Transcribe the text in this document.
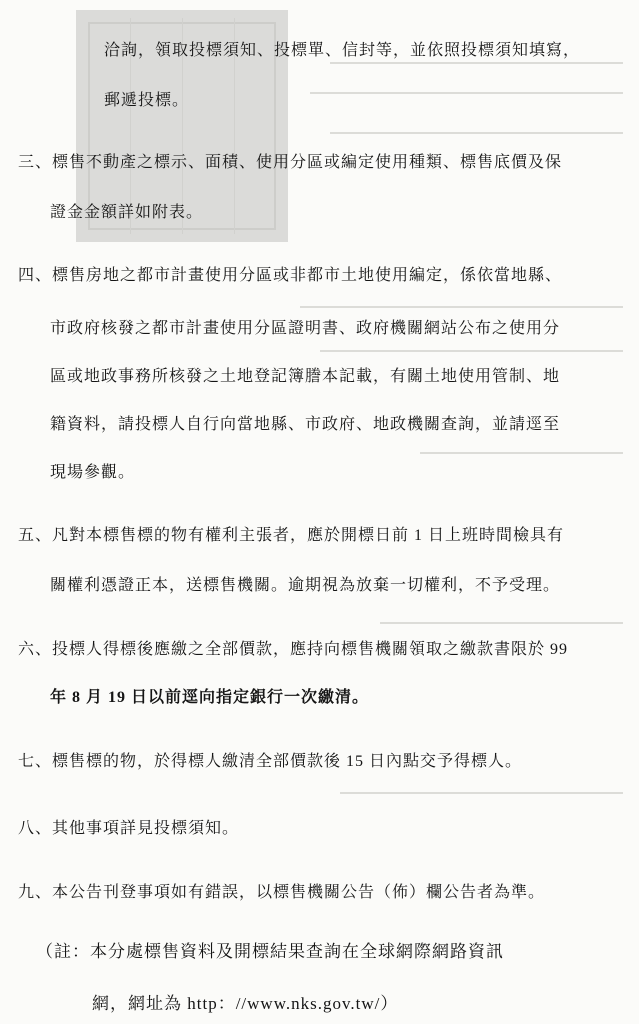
洽詢，領取投標須知、投標單、信封等，並依照投標須知填寫，
郵遞投標。
三、標售不動產之標示、面積、使用分區或編定使用種類、標售底價及保
證金金額詳如附表。
四、標售房地之都市計畫使用分區或非都市土地使用編定，係依當地縣、
市政府核發之都市計畫使用分區證明書、政府機關網站公布之使用分
區或地政事務所核發之土地登記簿謄本記載，有關土地使用管制、地
籍資料，請投標人自行向當地縣、市政府、地政機關查詢，並請逕至
現場參觀。
五、凡對本標售標的物有權利主張者，應於開標日前 1 日上班時間檢具有
關權利憑證正本，送標售機關。逾期視為放棄一切權利，不予受理。
六、投標人得標後應繳之全部價款，應持向標售機關領取之繳款書限於 99
年 8 月 19 日以前逕向指定銀行一次繳清。
七、標售標的物，於得標人繳清全部價款後 15 日內點交予得標人。
八、其他事項詳見投標須知。
九、本公告刊登事項如有錯誤，以標售機關公告（佈）欄公告者為準。
（註：本分處標售資料及開標結果查詢在全球網際網路資訊
網，網址為 http：//www.nks.gov.tw/）
